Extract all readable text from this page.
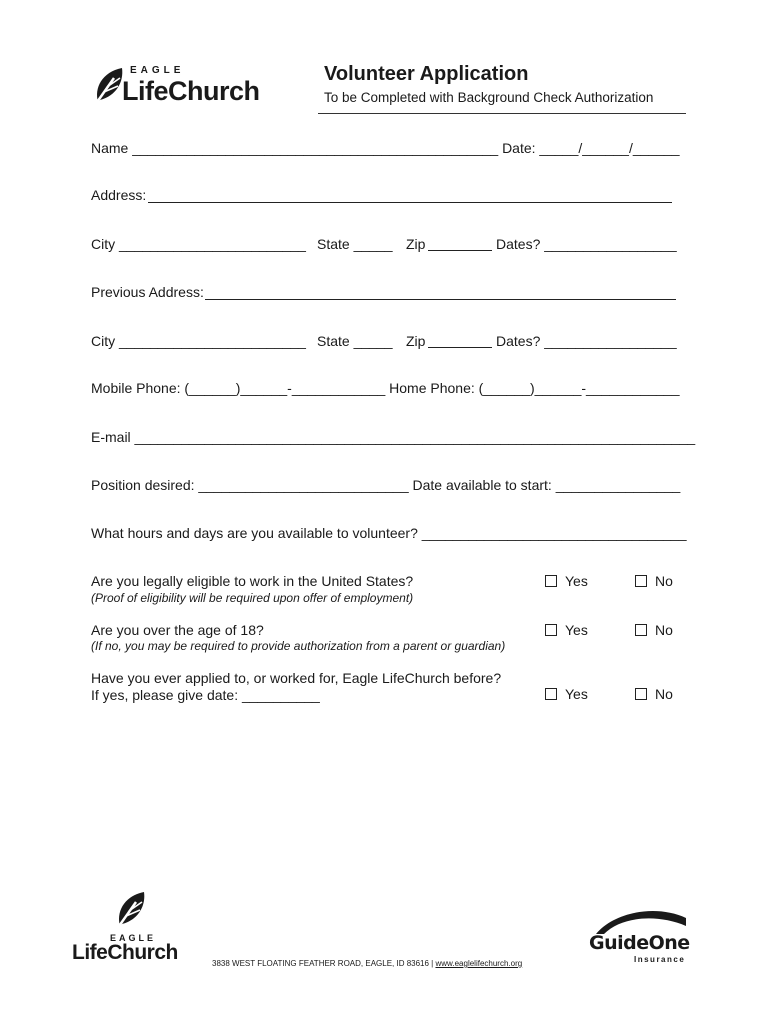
EAGLE
LifeChurch
Volunteer Application
To be Completed with Background Check Authorization
Name _______________________________________________ Date: _____/______/______
Address:
City ________________________ State _____ Zip	Dates? _________________
Previous Address:
City ________________________ State _____ Zip	Dates? _________________
Mobile Phone: (______)______-____________ Home Phone: (______)______-____________
E-mail ________________________________________________________________________
Position desired: ___________________________ Date available to start: ________________
What hours and days are you available to volunteer? __________________________________
Are you legally eligible to work in the United States?
(Proof of eligibility will be required upon offer of employment)
Yes	No
Are you over the age of 18?
(If no, you may be required to provide authorization from a parent or guardian)
Yes	No
Have you ever applied to, or worked for, Eagle LifeChurch before?
If yes, please give date: __________	Yes	No
EAGLE
LifeChurch	3838 WEST FLOATING FEATHER ROAD, EAGLE, ID 83616 | www.eaglelifechurch.org
GuideOne
Insurance
